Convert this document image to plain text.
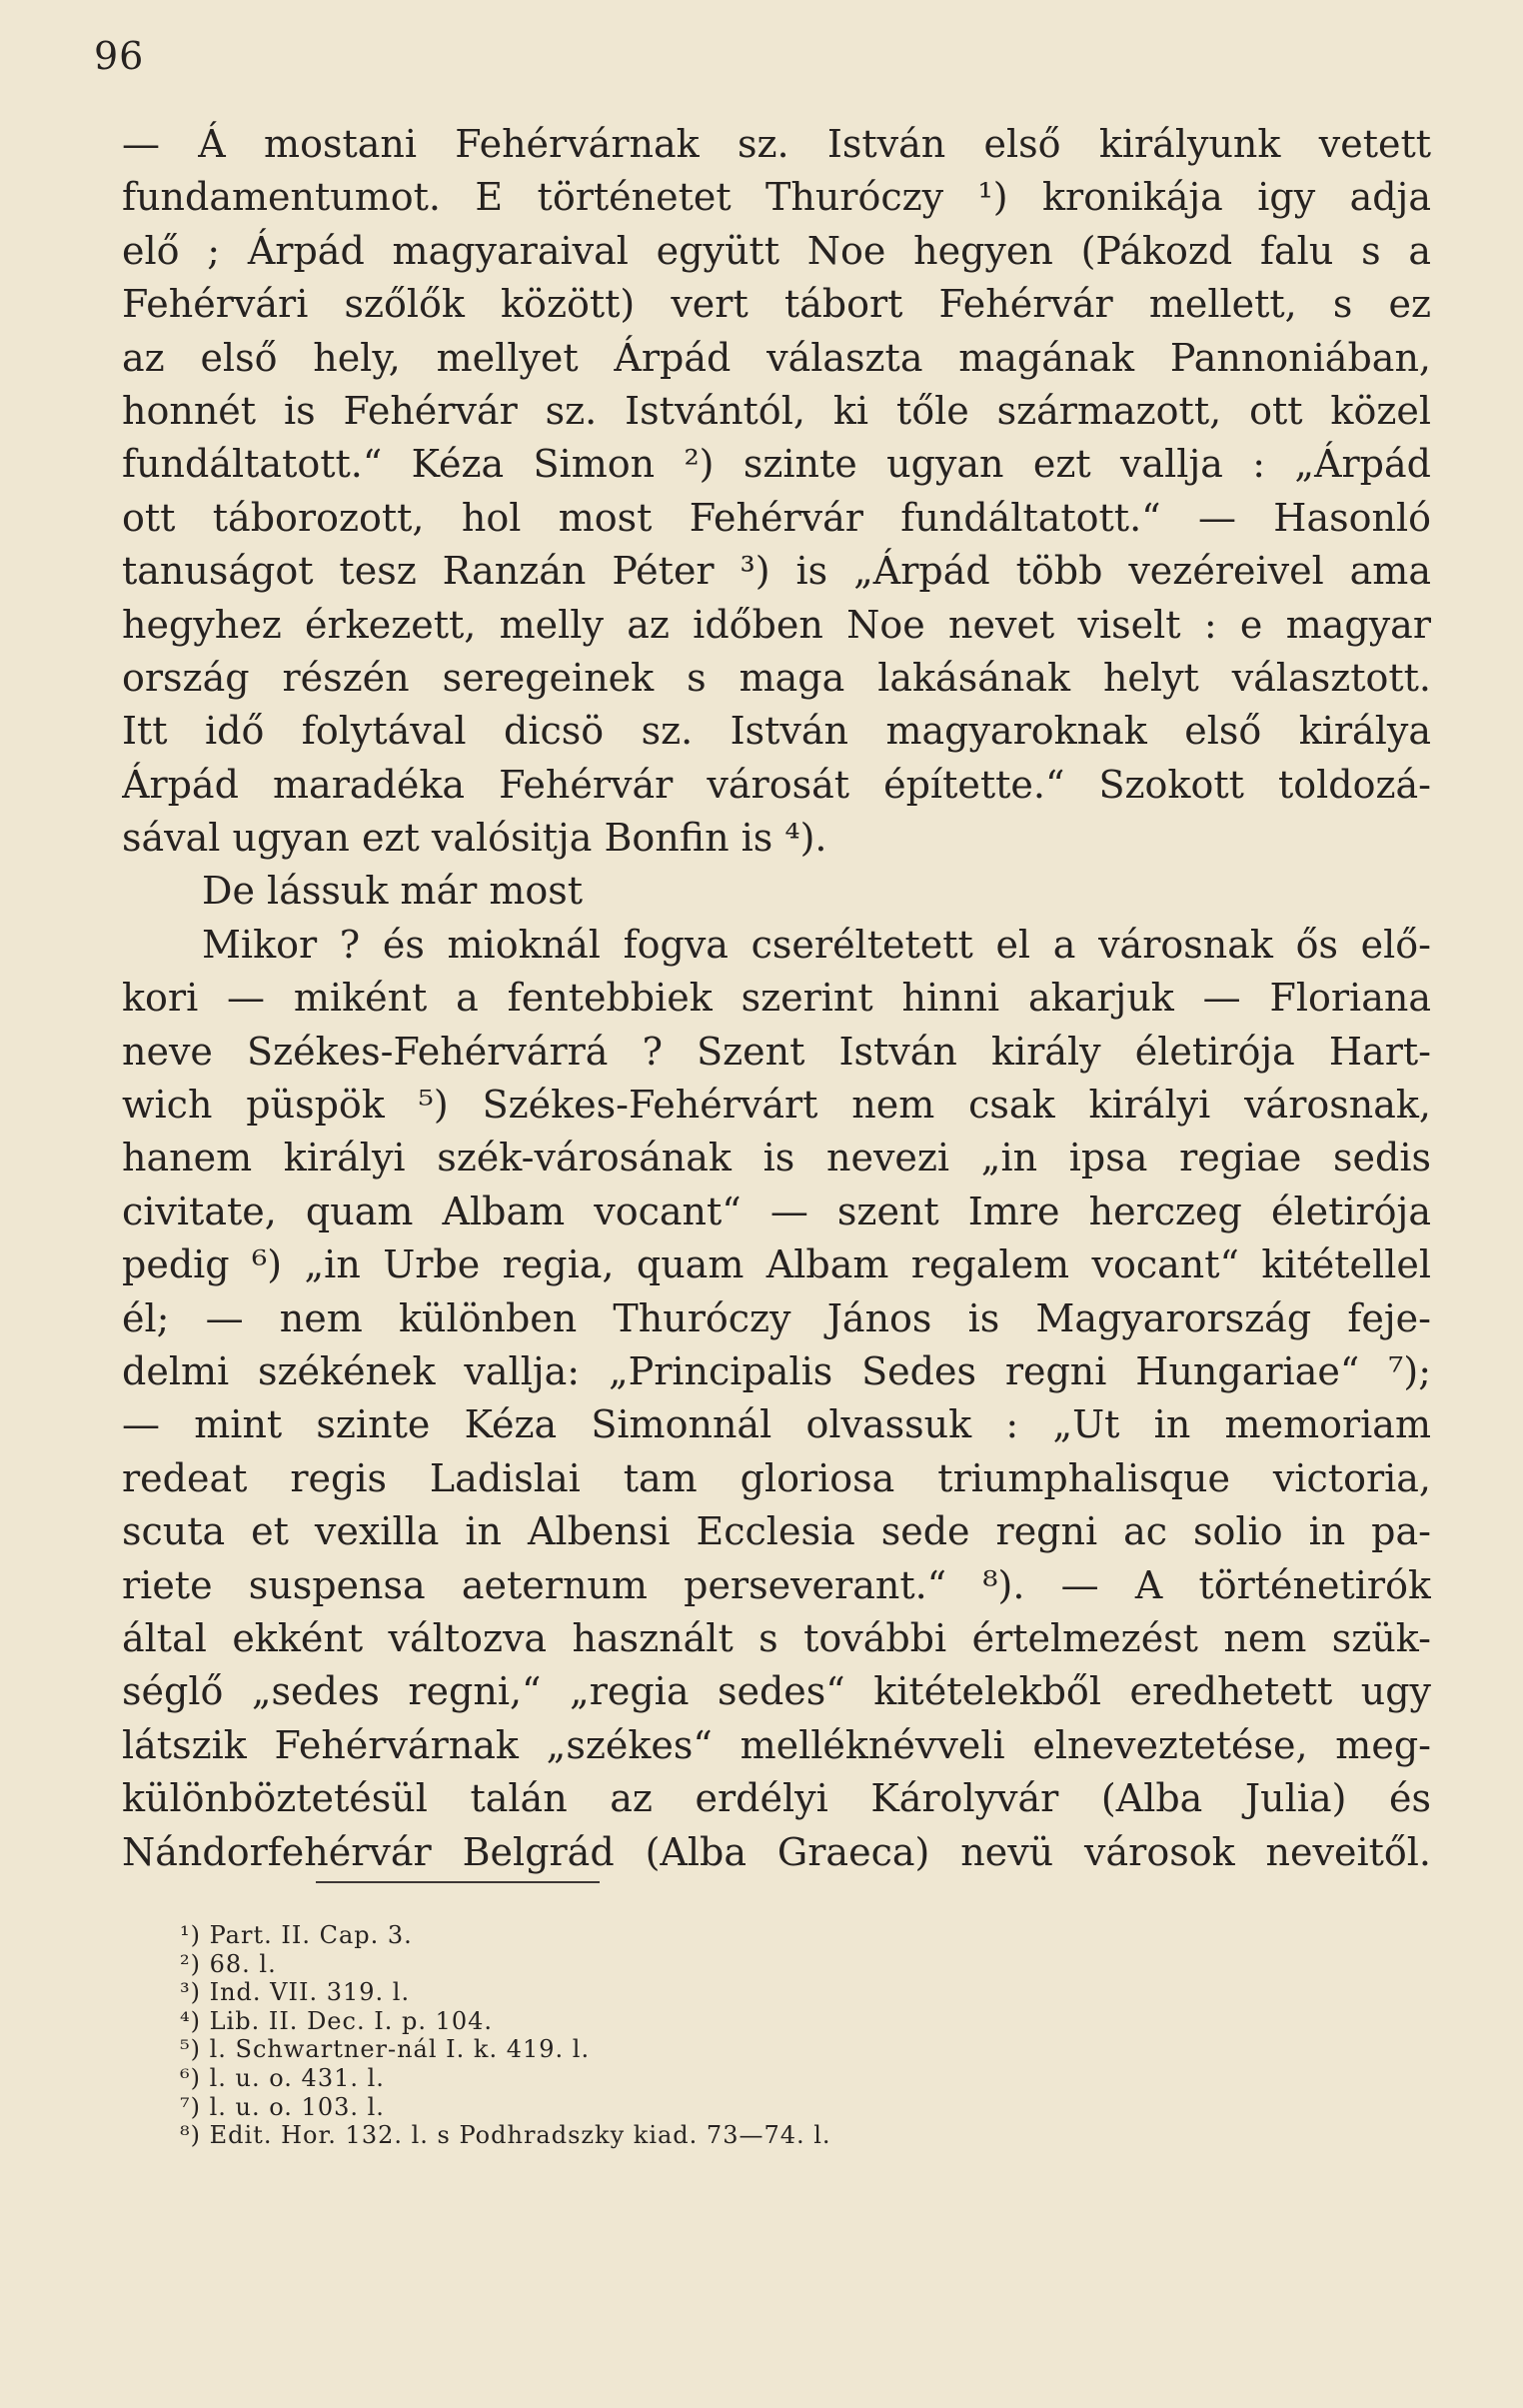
96
— Á mostani Fehérvárnak sz. István első királyunk vetett
fundamentumot. E történetet Thuróczy ¹) kronikája igy adja
elő ; Árpád magyaraival együtt Noe hegyen (Pákozd falu s a
Fehérvári szőlők között) vert tábort Fehérvár mellett, s ez
az első hely, mellyet Árpád választa magának Pannoniában,
honnét is Fehérvár sz. Istvántól, ki tőle származott, ott közel
fundáltatott.“ Kéza Simon ²) szinte ugyan ezt vallja : „Árpád
ott táborozott, hol most Fehérvár fundáltatott.“ — Hasonló
tanuságot tesz Ranzán Péter ³) is „Árpád több vezéreivel ama
hegyhez érkezett, melly az időben Noe nevet viselt : e magyar
ország részén seregeinek s maga lakásának helyt választott.
Itt idő folytával dicsö sz. István magyaroknak első királya
Árpád maradéka Fehérvár városát építette.“ Szokott toldozá-
sával ugyan ezt valósitja Bonfin is ⁴).
De lássuk már most
Mikor ? és mioknál fogva cseréltetett el a városnak ős elő-
kori — miként a fentebbiek szerint hinni akarjuk — Floriana
neve Székes-Fehérvárrá ? Szent István király életirója Hart-
wich püspök ⁵) Székes-Fehérvárt nem csak királyi városnak,
hanem királyi szék-városának is nevezi „in ipsa regiae sedis
civitate, quam Albam vocant“ — szent Imre herczeg életirója
pedig ⁶) „in Urbe regia, quam Albam regalem vocant“ kitétellel
él; — nem különben Thuróczy János is Magyarország feje-
delmi székének vallja: „Principalis Sedes regni Hungariae“ ⁷);
— mint szinte Kéza Simonnál olvassuk : „Ut in memoriam
redeat regis Ladislai tam gloriosa triumphalisque victoria,
scuta et vexilla in Albensi Ecclesia sede regni ac solio in pa-
riete suspensa aeternum perseverant.“ ⁸). — A történetirók
által ekként változva használt s további értelmezést nem szük-
séglő „sedes regni,“ „regia sedes“ kitételekből eredhetett ugy
látszik Fehérvárnak „székes“ melléknévveli elneveztetése, meg-
különböztetésül talán az erdélyi Károlyvár (Alba Julia) és
Nándorfehérvár Belgrád (Alba Graeca) nevü városok neveitől.
¹) Part. II. Cap. 3.
²) 68. l.
³) Ind. VII. 319. l.
⁴) Lib. II. Dec. I. p. 104.
⁵) l. Schwartner-nál I. k. 419. l.
⁶) l. u. o. 431. l.
⁷) l. u. o. 103. l.
⁸) Edit. Hor. 132. l. s Podhradszky kiad. 73—74. l.
